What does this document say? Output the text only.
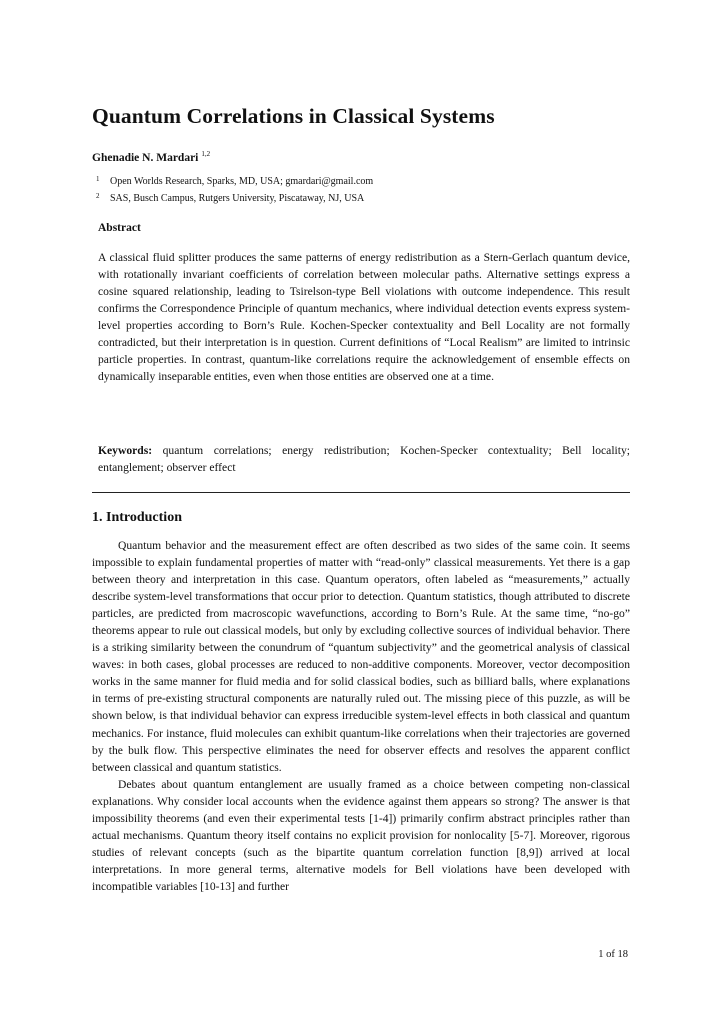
Quantum Correlations in Classical Systems
Ghenadie N. Mardari $^{1,2}$
1 Open Worlds Research, Sparks, MD, USA; gmardari@gmail.com
2 SAS, Busch Campus, Rutgers University, Piscataway, NJ, USA
Abstract

A classical fluid splitter produces the same patterns of energy redistribution as a Stern-Gerlach quantum device, with rotationally invariant coefficients of correlation between molecular paths. Alternative settings express a cosine squared relationship, leading to Tsirelson-type Bell violations with outcome independence. This result confirms the Correspondence Principle of quantum mechanics, where individual detection events express system-level properties according to Born’s Rule. Kochen-Specker contextuality and Bell Locality are not formally contradicted, but their interpretation is in question. Current definitions of “Local Realism” are limited to intrinsic particle properties. In contrast, quantum-like correlations require the acknowledgement of ensemble effects on dynamically inseparable entities, even when those entities are observed one at a time.

Keywords: quantum correlations; energy redistribution; Kochen-Specker contextuality; Bell locality; entanglement; observer effect

1. Introduction

Quantum behavior and the measurement effect are often described as two sides of the same coin. It seems impossible to explain fundamental properties of matter with “read-only” classical measurements. Yet there is a gap between theory and interpretation in this case. Quantum operators, often labeled as “measurements,” actually describe system-level transformations that occur prior to detection. Quantum statistics, though attributed to discrete particles, are predicted from macroscopic wavefunctions, according to Born’s Rule. At the same time, “no-go” theorems appear to rule out classical models, but only by excluding collective sources of individual behavior. There is a striking similarity between the conundrum of “quantum subjectivity” and the geometrical analysis of classical waves: in both cases, global processes are reduced to non-additive components. Moreover, vector decomposition works in the same manner for fluid media and for solid classical bodies, such as billiard balls, where explanations in terms of pre-existing structural components are naturally ruled out. The missing piece of this puzzle, as will be shown below, is that individual behavior can express irreducible system-level effects in both classical and quantum mechanics. For instance, fluid molecules can exhibit quantum-like correlations when their trajectories are governed by the bulk flow. This perspective eliminates the need for observer effects and resolves the apparent conflict between classical and quantum statistics.

Debates about quantum entanglement are usually framed as a choice between competing non-classical explanations. Why consider local accounts when the evidence against them appears so strong? The answer is that impossibility theorems (and even their experimental tests [1-4]) primarily confirm abstract principles rather than actual mechanisms. Quantum theory itself contains no explicit provision for nonlocality [5-7]. Moreover, rigorous studies of relevant concepts (such as the bipartite quantum correlation function [8,9]) arrived at local interpretations. In more general terms, alternative models for Bell violations have been developed with incompatible variables [10-13] and further

1 of 18
